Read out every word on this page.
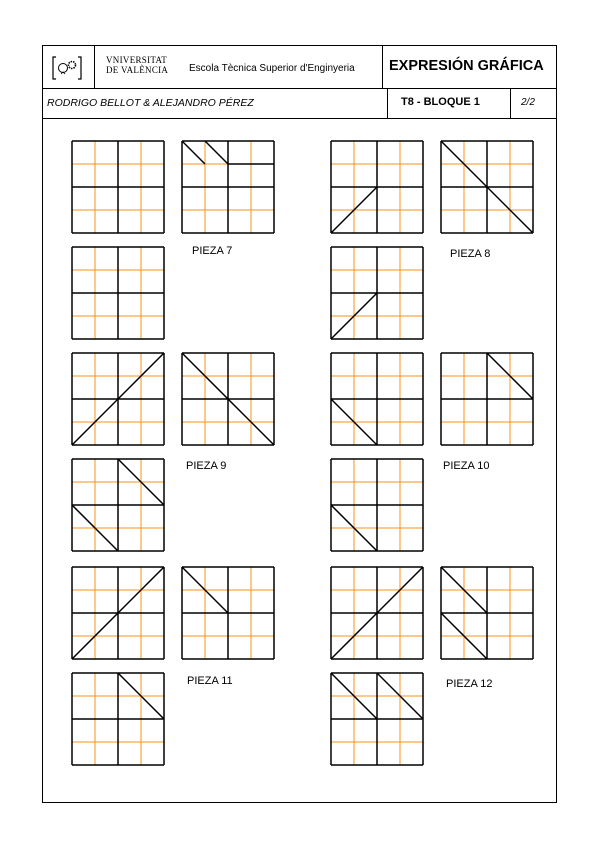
VNIVERSITAT
DE VALÈNCIA Escola Tècnica Superior d'Enginyeria EXPRESIÓN GRÁFICA
RODRIGO BELLOT & ALEJANDRO PÉREZ	T8 - BLOQUE 1	2/2
PIEZA 7	PIEZA 8
PIEZA 9	PIEZA 10
PIEZA 11	PIEZA 12
